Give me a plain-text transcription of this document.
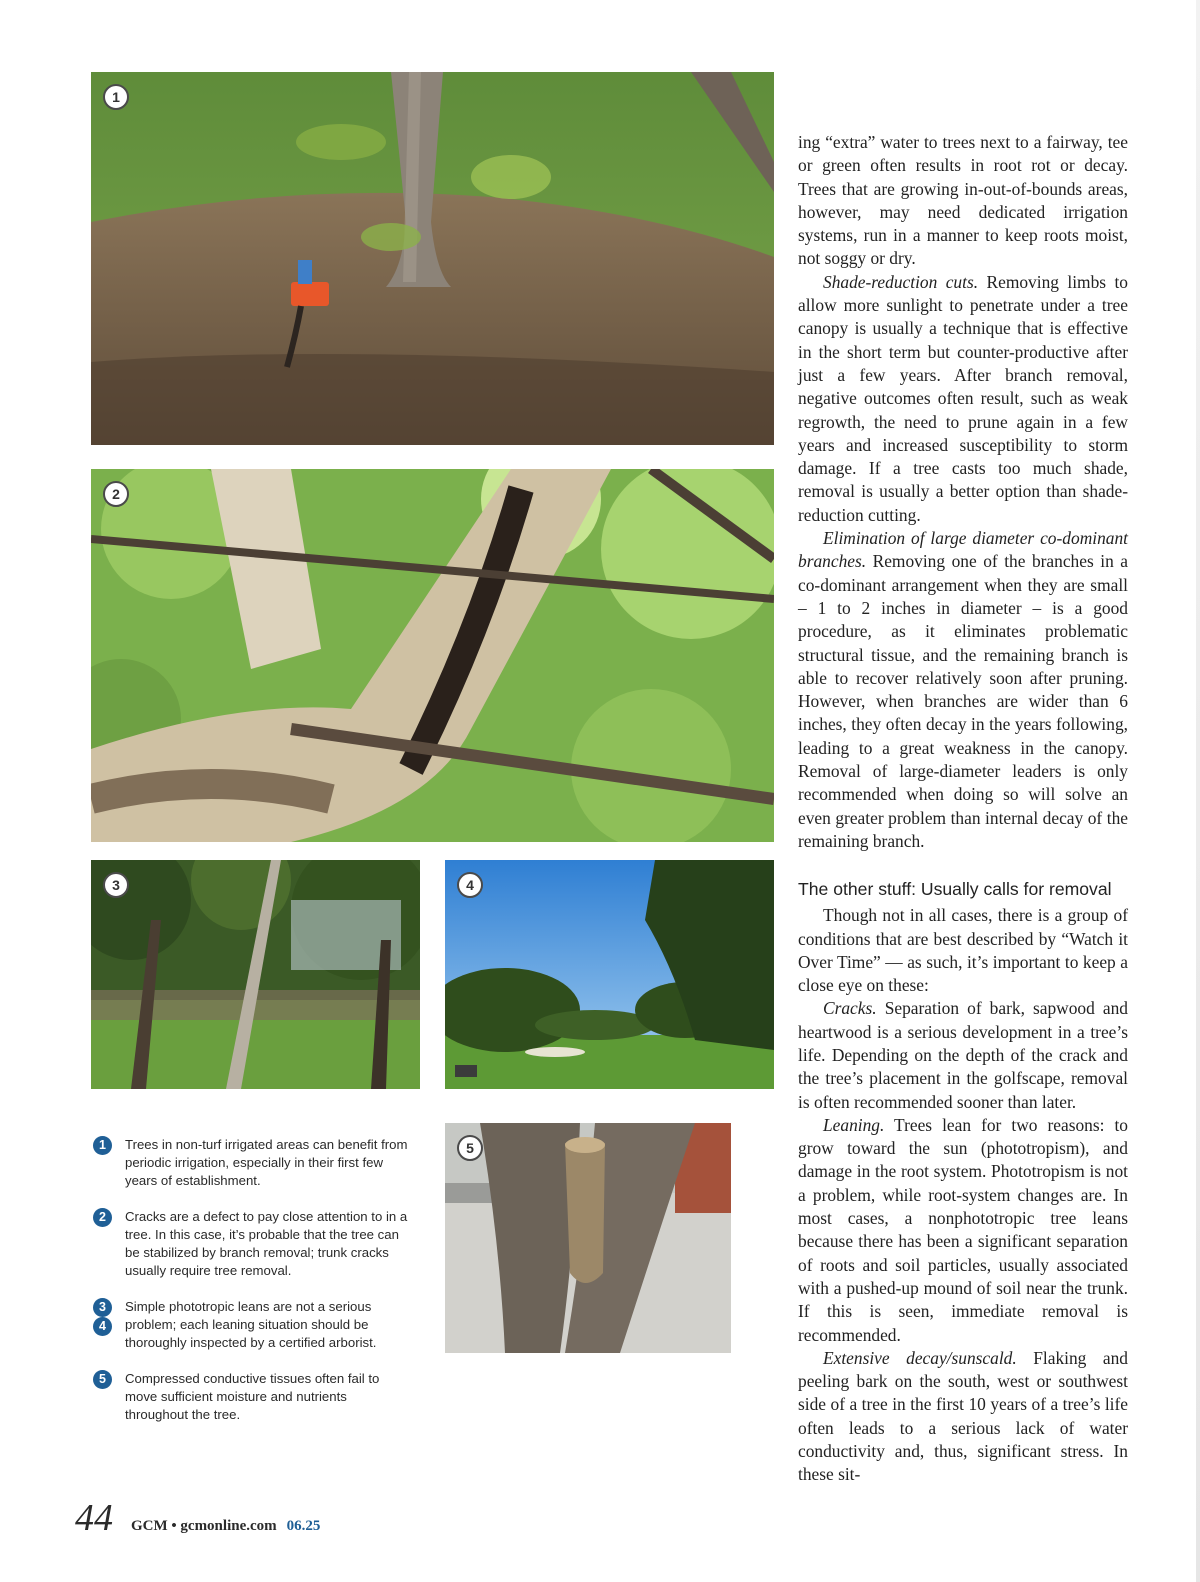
1
2
3	4
5
1	Trees in non-turf irrigated areas can benefit from periodic irrigation, especially in their first few years of establishment.
2	Cracks are a defect to pay close attention to in a tree. In this case, it’s probable that the tree can be stabilized by branch removal; trunk cracks usually require tree removal.
3
4
Simple phototropic leans are not a serious problem; each leaning situation should be thoroughly inspected by a certified arborist.
5	Compressed conductive tissues often fail to move sufficient moisture and nutrients throughout the tree.

ing “extra” water to trees next to a fairway, tee or green often results in root rot or decay. Trees that are growing in-out-of-bounds areas, however, may need dedicated irrigation systems, run in a manner to keep roots moist, not soggy or dry.

Shade-reduction cuts. Removing limbs to allow more sunlight to penetrate under a tree canopy is usually a technique that is effective in the short term but counter-productive after just a few years. After branch removal, negative outcomes often result, such as weak regrowth, the need to prune again in a few years and increased susceptibility to storm damage. If a tree casts too much shade, removal is usually a better option than shade-reduction cutting.

Elimination of large diameter co-dominant branches. Removing one of the branches in a co-dominant arrangement when they are small – 1 to 2 inches in diameter – is a good procedure, as it eliminates problematic structural tissue, and the remaining branch is able to recover relatively soon after pruning. However, when branches are wider than 6 inches, they often decay in the years following, leading to a great weakness in the canopy. Removal of large-diameter leaders is only recommended when doing so will solve an even greater problem than internal decay of the remaining branch.

The other stuff: Usually calls for removal

Though not in all cases, there is a group of conditions that are best described by “Watch it Over Time” — as such, it’s important to keep a close eye on these:

Cracks. Separation of bark, sapwood and heartwood is a serious development in a tree’s life. Depending on the depth of the crack and the tree’s placement in the golfscape, removal is often recommended sooner than later.

Leaning. Trees lean for two reasons: to grow toward the sun (phototropism), and damage in the root system. Phototropism is not a problem, while root-system changes are. In most cases, a nonphototropic tree leans because there has been a significant separation of roots and soil particles, usually associated with a pushed-up mound of soil near the trunk. If this is seen, immediate removal is recommended.

Extensive decay/sunscald. Flaking and peeling bark on the south, west or southwest side of a tree in the first 10 years of a tree’s life often leads to a serious lack of water conductivity and, thus, significant stress. In these sit-

44 GCM • gcmonline.com 06.25
